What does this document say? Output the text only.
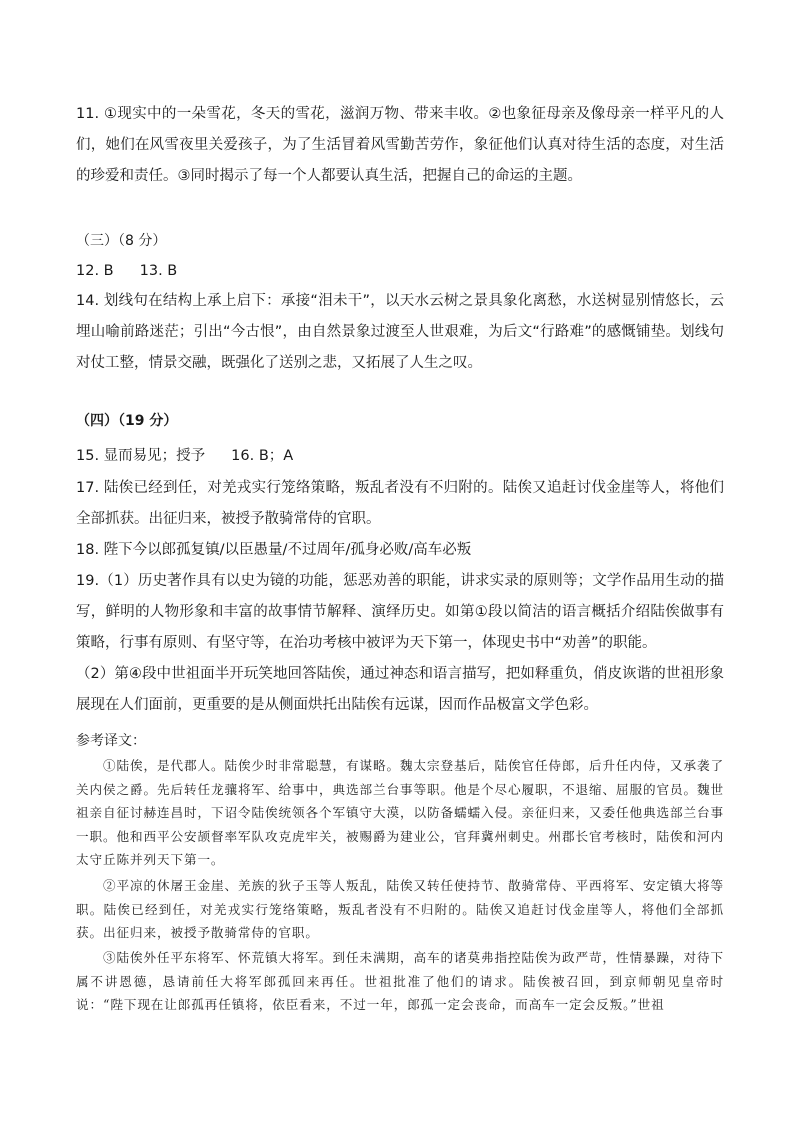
11. ①现实中的一朵雪花，冬天的雪花，滋润万物、带来丰收。②也象征母亲及像母亲一样平凡的人们，她们在风雪夜里关爱孩子，为了生活冒着风雪勤苦劳作，象征他们认真对待生活的态度，对生活的珍爱和责任。③同时揭示了每一个人都要认真生活，把握自己的命运的主题。

（三）（8 分）

12. B 13. B

14. 划线句在结构上承上启下：承接“泪未干”，以天水云树之景具象化离愁，水送树显别情悠长，云埋山喻前路迷茫；引出“今古恨”，由自然景象过渡至人世艰难，为后文“行路难”的感慨铺垫。划线句对仗工整，情景交融，既强化了送别之悲，又拓展了人生之叹。

（四）（19 分）

15. 显而易见；授予 16. B；A

17. 陆俟已经到任，对羌戎实行笼络策略，叛乱者没有不归附的。陆俟又追赶讨伐金崖等人，将他们全部抓获。出征归来，被授予散骑常侍的官职。

18. 陛下今以郎孤复镇/以臣愚量/不过周年/孤身必败/高车必叛

19.（1）历史著作具有以史为镜的功能，惩恶劝善的职能，讲求实录的原则等；文学作品用生动的描写，鲜明的人物形象和丰富的故事情节解释、演绎历史。如第①段以简洁的语言概括介绍陆俟做事有策略，行事有原则、有坚守等，在治功考核中被评为天下第一，体现史书中“劝善”的职能。

（2）第④段中世祖面半开玩笑地回答陆俟，通过神态和语言描写，把如释重负，俏皮诙谐的世祖形象展现在人们面前，更重要的是从侧面烘托出陆俟有远谋，因而作品极富文学色彩。

参考译文：

①陆俟，是代郡人。陆俟少时非常聪慧，有谋略。魏太宗登基后，陆俟官任侍郎，后升任内侍，又承袭了关内侯之爵。先后转任龙骧将军、给事中，典选部兰台事等职。他是个尽心履职，不退缩、屈服的官员。魏世祖亲自征讨赫连昌时，下诏令陆俟统领各个军镇守大漠，以防备蠕蠕入侵。亲征归来，又委任他典选部兰台事一职。他和西平公安颉督率军队攻克虎牢关，被赐爵为建业公，官拜冀州刺史。州郡长官考核时，陆俟和河内太守丘陈并列天下第一。

②平凉的休屠王金崖、羌族的狄子玉等人叛乱，陆俟又转任使持节、散骑常侍、平西将军、安定镇大将等职。陆俟已经到任，对羌戎实行笼络策略，叛乱者没有不归附的。陆俟又追赶讨伐金崖等人，将他们全部抓获。出征归来，被授予散骑常侍的官职。

③陆俟外任平东将军、怀荒镇大将军。到任未满期，高车的诸莫弗指控陆俟为政严苛，性情暴躁，对待下属不讲恩德，恳请前任大将军郎孤回来再任。世祖批准了他们的请求。陆俟被召回，到京师朝见皇帝时说：“陛下现在让郎孤再任镇将，依臣看来，不过一年，郎孤一定会丧命，而高车一定会反叛。”世祖
